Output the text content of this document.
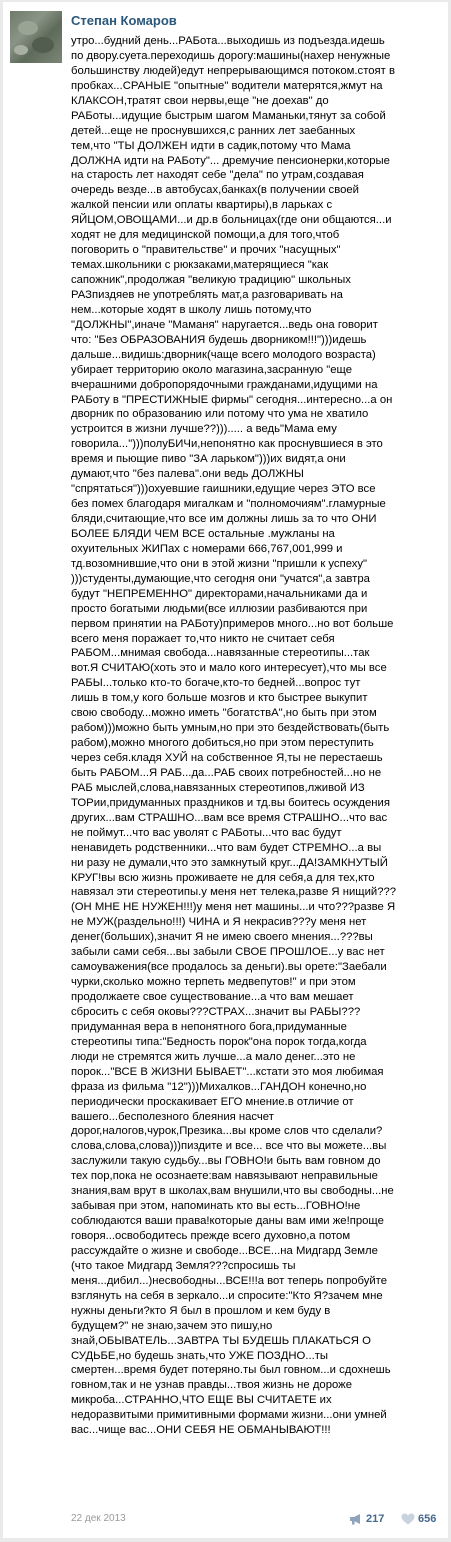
Степан Комаров
утро...будний день...РАБота...выходишь из подъезда.идешь
по двору.суета.переходишь дорогу:машины(нахер ненужные
большинству людей)едут непрерывающимся потоком.стоят в
пробках...СРАНЫЕ "опытные" водители матерятся,жмут на
КЛАКСОН,тратят свои нервы,еще "не доехав" до
РАБоты...идущие быстрым шагом Маманьки,тянут за собой
детей...еще не проснувшихся,с ранних лет заебанных
тем,что "ТЫ ДОЛЖЕН идти в садик,потому что Мама
ДОЛЖНА идти на РАБоту"... дремучие пенсионерки,которые
на старость лет находят себе "дела" по утрам,создавая
очередь везде...в автобусах,банках(в получении своей
жалкой пенсии или оплаты квартиры),в ларьках с
ЯЙЦОМ,ОВОЩАМИ...и др.в больницах(где они общаются...и
ходят не для медицинской помощи,а для того,чтоб
поговорить о "правительстве" и прочих "насущных"
темах.школьники с рюкзаками,матерящиеся "как
сапожник",продолжая "великую традицию" школьных
РАЗпиздяев не употреблять мат,а разговаривать на
нем...которые ходят в школу лишь потому,что
"ДОЛЖНЫ",иначе "Маманя" наругается...ведь она говорит
что: "Без ОБРАЗОВАНИЯ будешь дворником!!!")))идешь
дальше...видишь:дворник(чаще всего молодого возраста)
убирает территорию около магазина,засранную "еще
вчерашними добропорядочными гражданами,идущими на
РАБоту в "ПРЕСТИЖНЫЕ фирмы" сегодня...интересно...а он
дворник по образованию или потому что ума не хватило
устроится в жизни лучше??)))..... а ведь"Мама ему
говорила...")))полуБИЧи,непонятно как проснувшиеся в это
время и пьющие пиво "ЗА ларьком")))их видят,а они
думают,что "без палева".они ведь ДОЛЖНЫ
"спрятаться")))охуевшие гаишники,едущие через ЭТО все
без помех благодаря мигалкам и "полномочиям".гламурные
бляди,считающие,что все им должны лишь за то что ОНИ
БОЛЕЕ БЛЯДИ ЧЕМ ВСЕ остальные .мужланы на
охуительных ЖИПах с номерами 666,767,001,999 и
тд.возомнившие,что они в этой жизни "пришли к успеху"
)))студенты,думающие,что сегодня они "учатся",а завтра
будут "НЕПРЕМЕННО" директорами,начальниками да и
просто богатыми людьми(все иллюзии разбиваются при
первом принятии на РАБоту)примеров много...но вот больше
всего меня поражает то,что никто не считает себя
РАБОМ...мнимая свобода...навязанные стереотипы...так
вот.Я СЧИТАЮ(хоть это и мало кого интересует),что мы все
РАБЫ...только кто-то богаче,кто-то бедней...вопрос тут
лишь в том,у кого больше мозгов и кто быстрее выкупит
свою свободу...можно иметь "богатствА",но быть при этом
рабом)))можно быть умным,но при это бездействовать(быть
рабом),можно многого добиться,но при этом переступить
через себя.кладя ХУЙ на собственное Я,ты не перестаешь
быть РАБОМ...Я РАБ...да...РАБ своих потребностей...но не
РАБ мыслей,слова,навязанных стереотипов,лживой ИЗ
ТОРии,придуманных праздников и тд.вы боитесь осуждения
других...вам СТРАШНО...вам все время СТРАШНО...что вас
не поймут...что вас уволят с РАБоты...что вас будут
ненавидеть родственники...что вам будет СТРЕМНО...а вы
ни разу не думали,что это замкнутый круг...ДА!ЗАМКНУТЫЙ
КРУГ!вы всю жизнь проживаете не для себя,а для тех,кто
навязал эти стереотипы.у меня нет телека,разве Я нищий???
(ОН МНЕ НЕ НУЖЕН!!!)у меня нет машины...и что???разве Я
не МУЖ(раздельно!!!) ЧИНА и Я некрасив???у меня нет
денег(больших),значит Я не имею своего мнения...???вы
забыли сами себя...вы забыли СВОЕ ПРОШЛОЕ...у вас нет
самоуважения(все продалось за деньги).вы орете:"Заебали
чурки,сколько можно терпеть медвепутов!" и при этом
продолжаете свое существование...а что вам мешает
сбросить с себя оковы???СТРАХ...значит вы РАБЫ???
придуманная вера в непонятного бога,придуманные
стереотипы типа:"Бедность порок"она порок тогда,когда
люди не стремятся жить лучше...а мало денег...это не
порок..."ВСЕ В ЖИЗНИ БЫВАЕТ"...кстати это моя любимая
фраза из фильма "12")))Михалков...ГАНДОН конечно,но
периодически проскакивает ЕГО мнение.в отличие от
вашего...бесполезного блеяния насчет
дорог,налогов,чурок,Презика...вы кроме слов что сделали?
слова,слова,слова)))пиздите и все... все что вы можете...вы
заслужили такую судьбу...вы ГОВНО!и быть вам говном до
тех пор,пока не осознаете:вам навязывают неправильные
знания,вам врут в школах,вам внушили,что вы свободны...не
забывая при этом, напоминать кто вы есть...ГОВНО!не
соблюдаются ваши права!которые даны вам ими же!проще
говоря...освободитесь прежде всего духовно,а потом
рассуждайте о жизне и свободе...ВСЕ...на Мидгард Земле
(что такое Мидгард Земля???спросишь ты
меня...дибил...)несвободны...ВСЕ!!!а вот теперь попробуйте
взглянуть на себя в зеркало...и спросите:"Кто Я?зачем мне
нужны деньги?кто Я был в прошлом и кем буду в
будущем?" не знаю,зачем это пишу,но
знай,ОБЫВАТЕЛЬ...ЗАВТРА ТЫ БУДЕШЬ ПЛАКАТЬСЯ О
СУДЬБЕ,но будешь знать,что УЖЕ ПОЗДНО...ты
смертен...время будет потеряно.ты был говном...и сдохнешь
говном,так и не узнав правды...твоя жизнь не дороже
микроба...СТРАННО,ЧТО ЕЩЕ ВЫ СЧИТАЕТЕ их
недоразвитыми примитивными формами жизни...они умней
вас...чище вас...ОНИ СЕБЯ НЕ ОБМАНЫВАЮТ!!!
22 дек 2013	217	656
